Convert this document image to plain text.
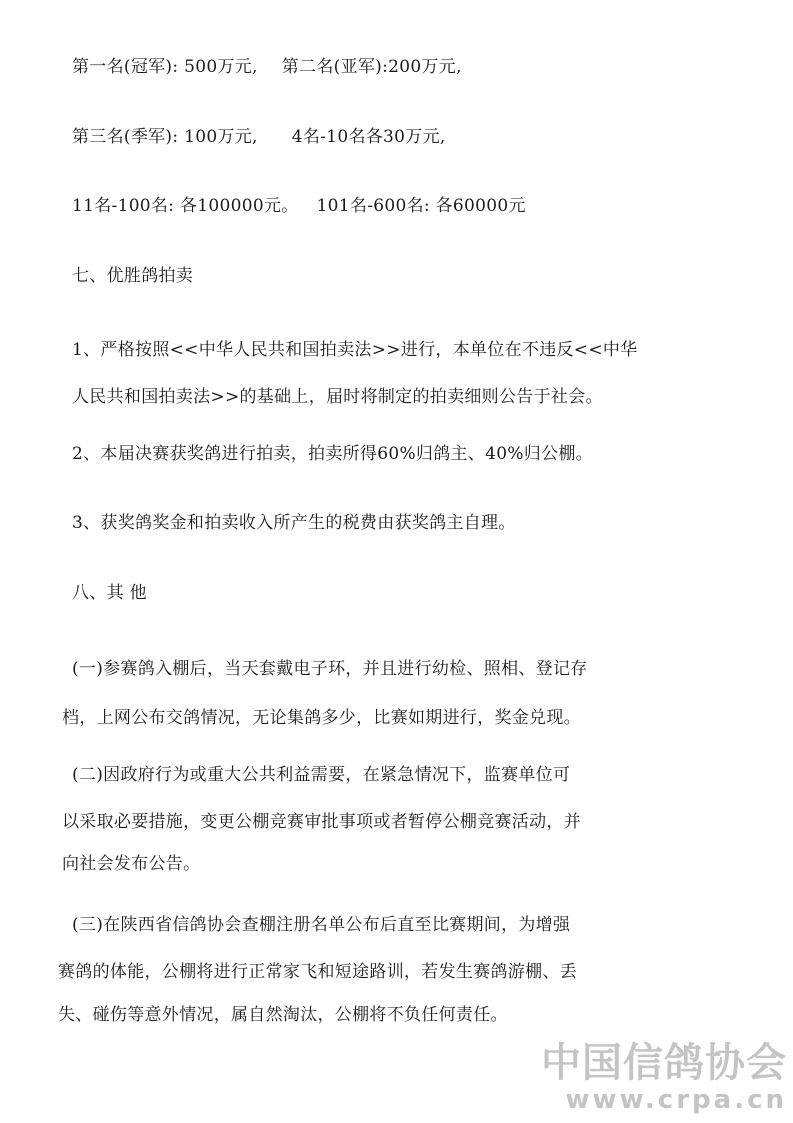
第一名(冠军): 500万元, 第二名(亚军):200万元,
第三名(季军): 100万元, 4名-10名各30万元,
11名-100名: 各100000元。 101名-600名: 各60000元
七、优胜鸽拍卖
1、严格按照<<中华人民共和国拍卖法>>进行，本单位在不违反<<中华
人民共和国拍卖法>>的基础上，届时将制定的拍卖细则公告于社会。
2、本届决赛获奖鸽进行拍卖，拍卖所得60%归鸽主、40%归公棚。
3、获奖鸽奖金和拍卖收入所产生的税费由获奖鸽主自理。
八、其 他
(一)参赛鸽入棚后，当天套戴电子环，并且进行幼检、照相、登记存
档，上网公布交鸽情况，无论集鸽多少，比赛如期进行，奖金兑现。
(二)因政府行为或重大公共利益需要，在紧急情况下，监赛单位可
以采取必要措施，变更公棚竞赛审批事项或者暂停公棚竞赛活动，并
向社会发布公告。
(三)在陕西省信鸽协会查棚注册名单公布后直至比赛期间，为增强
赛鸽的体能，公棚将进行正常家飞和短途路训，若发生赛鸽游棚、丢
失、碰伤等意外情况，属自然淘汰，公棚将不负任何责任。
中国信鸽协会
www.crpa.cn
